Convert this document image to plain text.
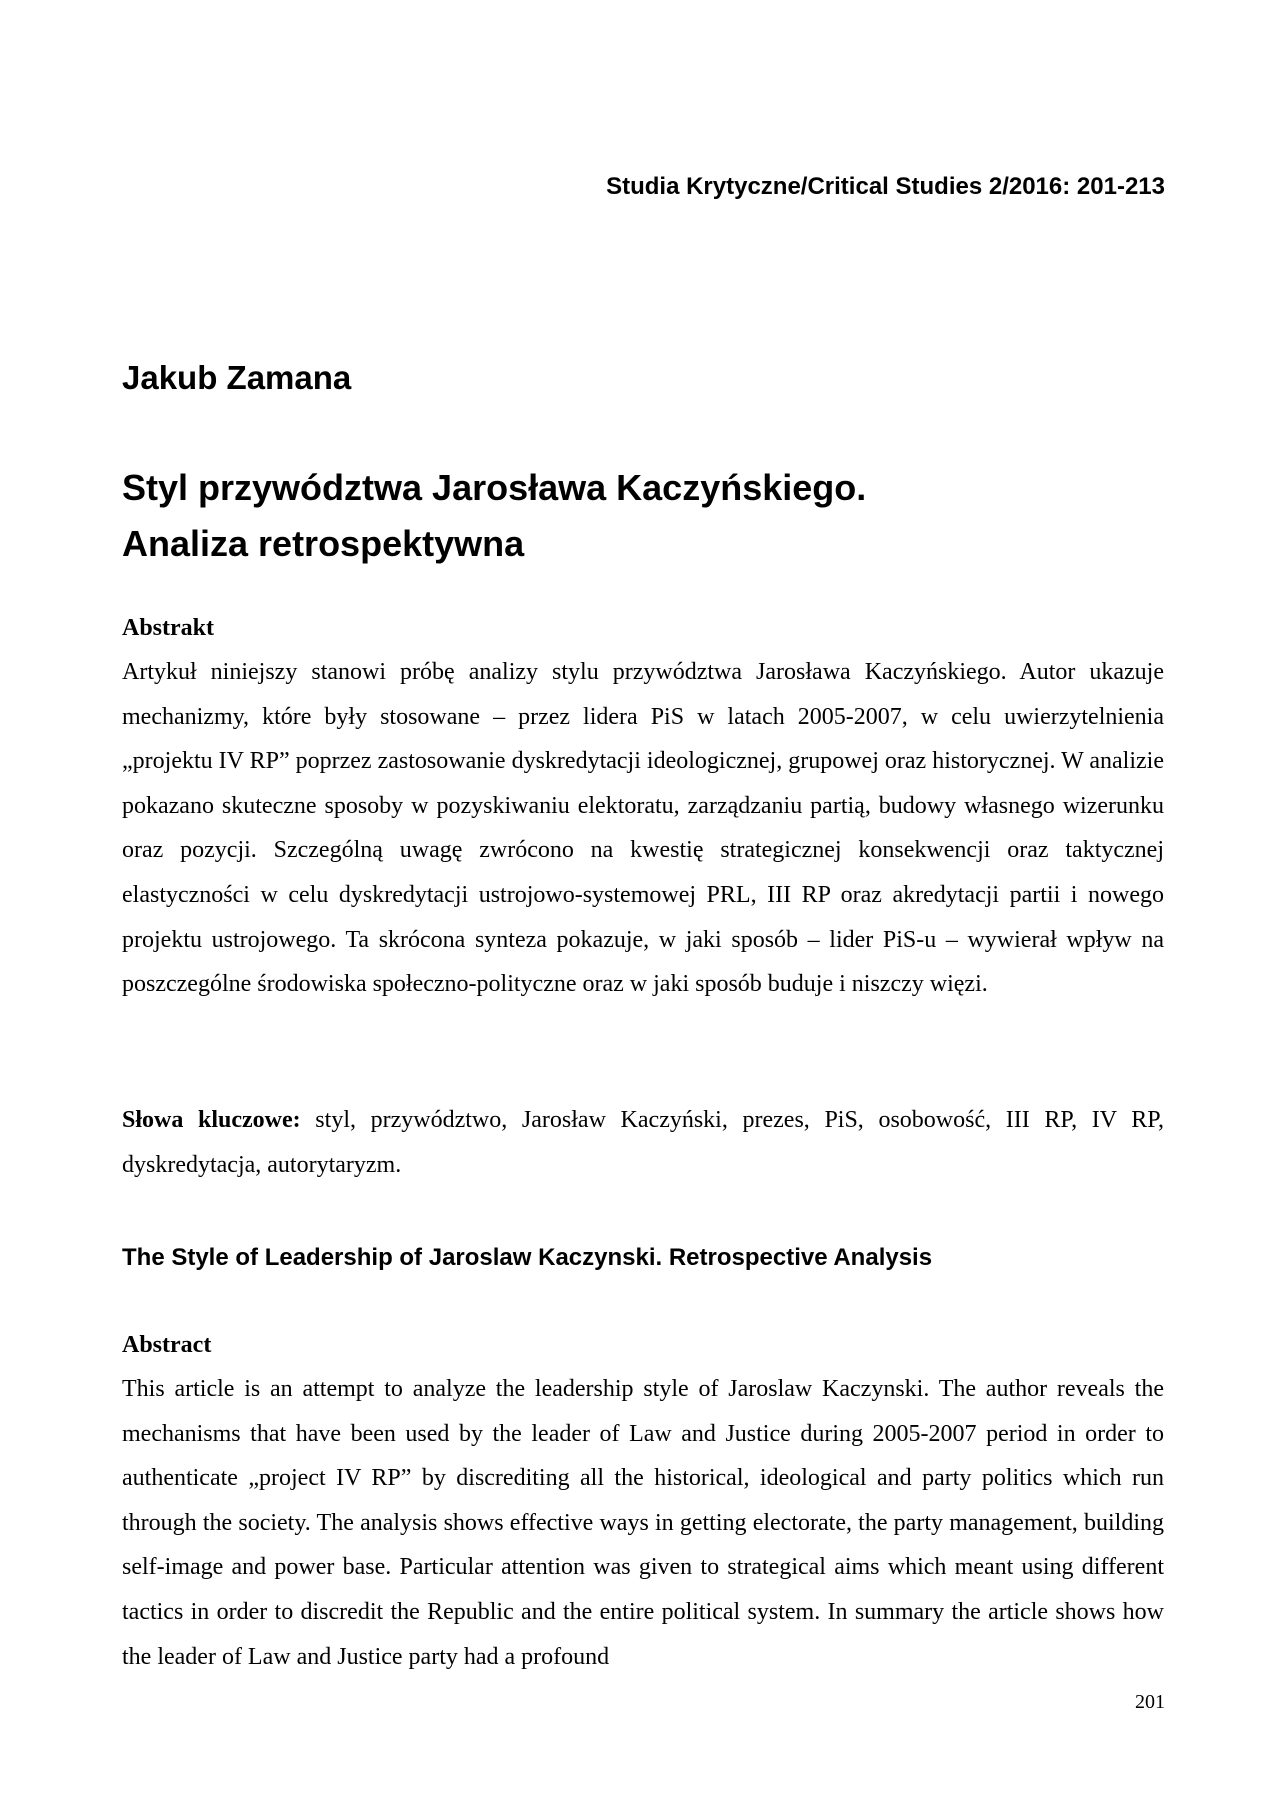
Studia Krytyczne/Critical Studies 2/2016: 201-213
Jakub Zamana
Styl przywództwa Jarosława Kaczyńskiego.
Analiza retrospektywna
Abstrakt
Artykuł niniejszy stanowi próbę analizy stylu przywództwa Jarosława Kaczyńskiego. Autor ukazuje mechanizmy, które były stosowane – przez lidera PiS w latach 2005-2007, w celu uwierzytelnienia „projektu IV RP” poprzez zastosowanie dyskredytacji ideologicznej, grupowej oraz historycznej. W analizie pokazano skuteczne sposoby w pozyskiwaniu elektoratu, zarządzaniu partią, budowy własnego wizerunku oraz pozycji. Szczególną uwagę zwrócono na kwestię strategicznej konsekwencji oraz taktycznej elastyczności w celu dyskredytacji ustrojowo-systemowej PRL, III RP oraz akredytacji partii i nowego projektu ustrojowego. Ta skrócona synteza pokazuje, w jaki sposób – lider PiS-u – wywierał wpływ na poszczególne środowiska społeczno-polityczne oraz w jaki sposób buduje i niszczy więzi.
Słowa kluczowe: styl, przywództwo, Jarosław Kaczyński, prezes, PiS, osobowość, III RP, IV RP, dyskredytacja, autorytaryzm.
The Style of Leadership of Jaroslaw Kaczynski. Retrospective Analysis
Abstract
This article is an attempt to analyze the leadership style of Jaroslaw Kaczynski. The author reveals the mechanisms that have been used by the leader of Law and Justice during 2005-2007 period in order to authenticate „project IV RP” by discrediting all the historical, ideological and party politics which run through the society. The analysis shows effective ways in getting electorate, the party management, building self-image and power base. Particular attention was given to strategical aims which meant using different tactics in order to discredit the Republic and the entire political system. In summary the article shows how the leader of Law and Justice party had a profound
201
